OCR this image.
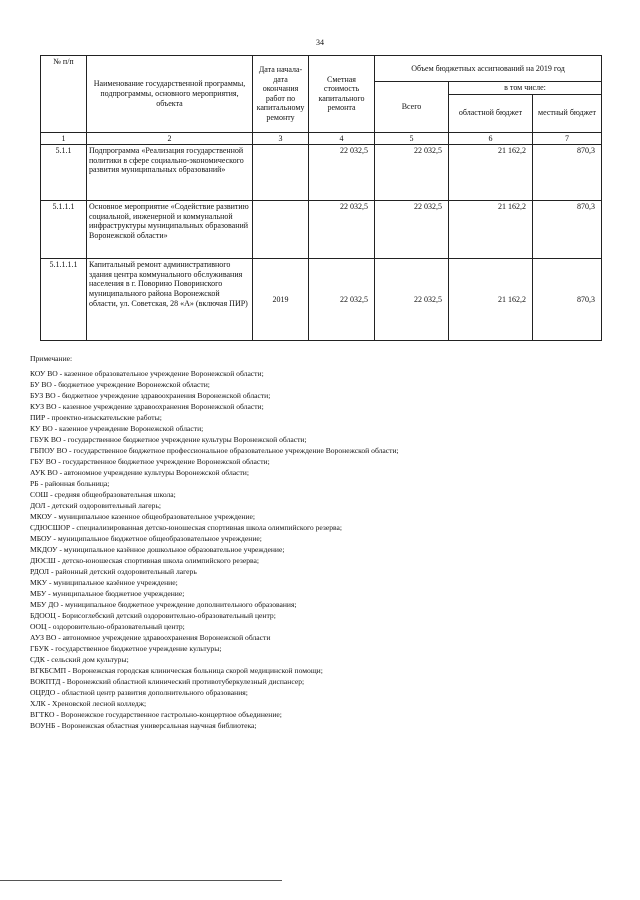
34
№ п/п	Наименование государственной программы, подпрограммы, основного мероприятия, объекта	Дата начала-дата окончания работ по капитальному ремонту	Сметная стоимость капитального ремонта	Объем бюджетных ассигнований на 2019 год		
				Всего	в том числе:	
					областной бюджет	местный бюджет
1	2	3	4	5	6	7
5.1.1	Подпрограмма «Реализация государственной политики в сфере социально-экономического развития муниципальных образований»		22 032,5	22 032,5	21 162,2	870,3
5.1.1.1	Основное мероприятие «Содействие развитию социальной, инженерной и коммунальной инфраструктуры муниципальных образований Воронежской области»		22 032,5	22 032,5	21 162,2	870,3
5.1.1.1.1	Капитальный ремонт административного здания центра коммунального обслуживания населения в г. Поворино Поворинского муниципального района Воронежской области, ул. Советская, 28 «А» (включая ПИР)	2019	22 032,5	22 032,5	21 162,2	870,3
Примечание:
КОУ ВО - казенное образовательное учреждение Воронежской области;
БУ ВО - бюджетное учреждение Воронежской области;
БУЗ ВО - бюджетное учреждение здравоохранения Воронежской области;
КУЗ ВО - казенное учреждение здравоохранения Воронежской области;
ПИР - проектно-изыскательские работы;
КУ ВО - казенное учреждение Воронежской области;
ГБУК ВО - государственное бюджетное учреждение культуры Воронежской области;
ГБПОУ ВО - государственное бюджетное профессиональное образовательное учреждение Воронежской области;
ГБУ ВО - государственное бюджетное учреждение Воронежской области;
АУК ВО - автономное учреждение культуры Воронежской области;
РБ - районная больница;
СОШ - средняя общеобразовательная школа;
ДОЛ - детский оздоровительный лагерь;
МКОУ - муниципальное казенное общеобразовательное учреждение;
СДЮСШОР - специализированная детско-юношеская спортивная школа олимпийского резерва;
МБОУ - муниципальное бюджетное общеобразовательное учреждение;
МКДОУ - муниципальное казённое дошкольное образовательное учреждение;
ДЮСШ - детско-юношеская спортивная школа олимпийского резерва;
РДОЛ - районный детский оздоровительный лагерь
МКУ - муниципальное казённое учреждение;
МБУ - муниципальное бюджетное учреждение;
МБУ ДО - муниципальное бюджетное учреждение дополнительного образования;
БДООЦ - Борисоглебский детский оздоровительно-образовательный центр;
ООЦ - оздоровительно-образовательный центр;
АУЗ ВО - автономное учреждение здравоохранения Воронежской области
ГБУК - государственное бюджетное учреждение культуры;
СДК - сельский дом культуры;
ВГКБСМП - Воронежская городская клиническая больница скорой медицинской помощи;
ВОКПТД - Воронежский областной клинический противотуберкулезный диспансер;
ОЦРДО - областной центр развития дополнительного образования;
ХЛК - Хреновской лесной колледж;
ВГТКО - Воронежское государственное гастрольно-концертное объединение;
ВОУНБ - Воронежская областная универсальная научная библиотека;
